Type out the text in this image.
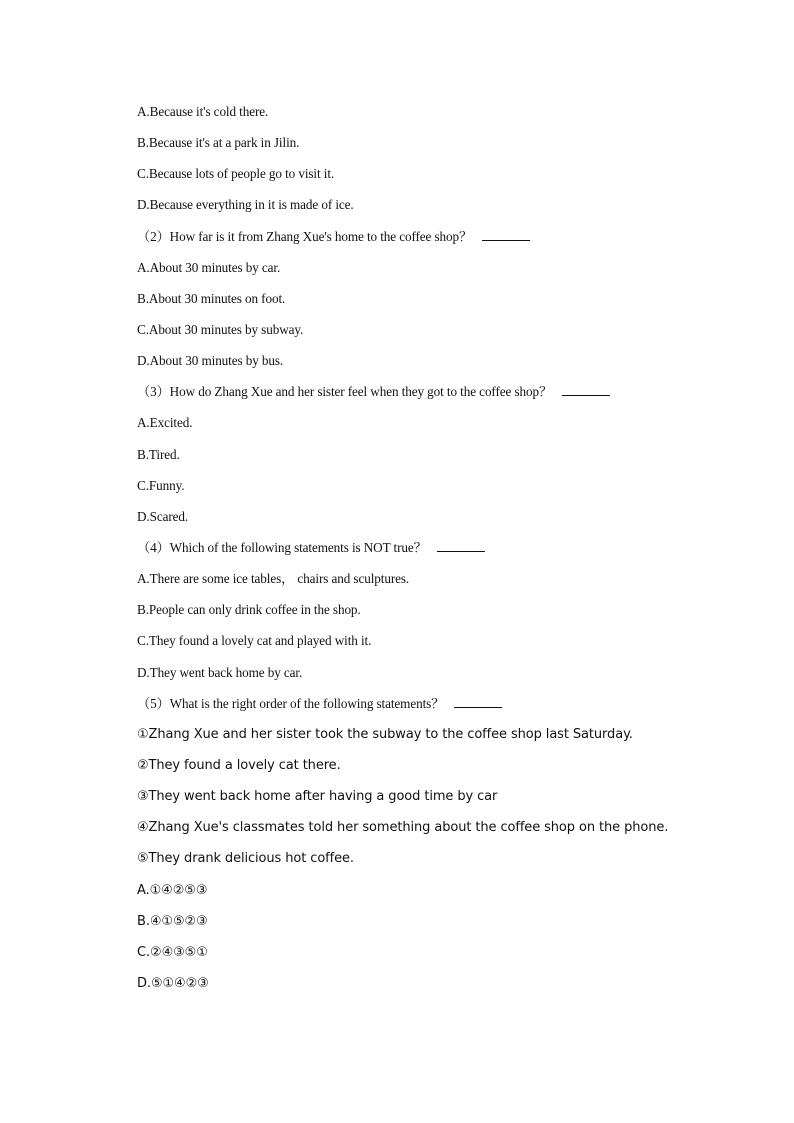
A.Because it's cold there.
B.Because it's at a park in Jilin.
C.Because lots of people go to visit it.
D.Because everything in it is made of ice.
（2）How far is it from Zhang Xue's home to the coffee shop？
A.About 30 minutes by car.
B.About 30 minutes on foot.
C.About 30 minutes by subway.
D.About 30 minutes by bus.
（3）How do Zhang Xue and her sister feel when they got to the coffee shop？
A.Excited.
B.Tired.
C.Funny.
D.Scared.
（4）Which of the following statements is NOT true？
A.There are some ice tables， chairs and sculptures.
B.People can only drink coffee in the shop.
C.They found a lovely cat and played with it.
D.They went back home by car.
（5）What is the right order of the following statements？
①Zhang Xue and her sister took the subway to the coffee shop last Saturday.
②They found a lovely cat there.
③They went back home after having a good time by car
④Zhang Xue's classmates told her something about the coffee shop on the phone.
⑤They drank delicious hot coffee.
A.①④②⑤③
B.④①⑤②③
C.②④③⑤①
D.⑤①④②③
